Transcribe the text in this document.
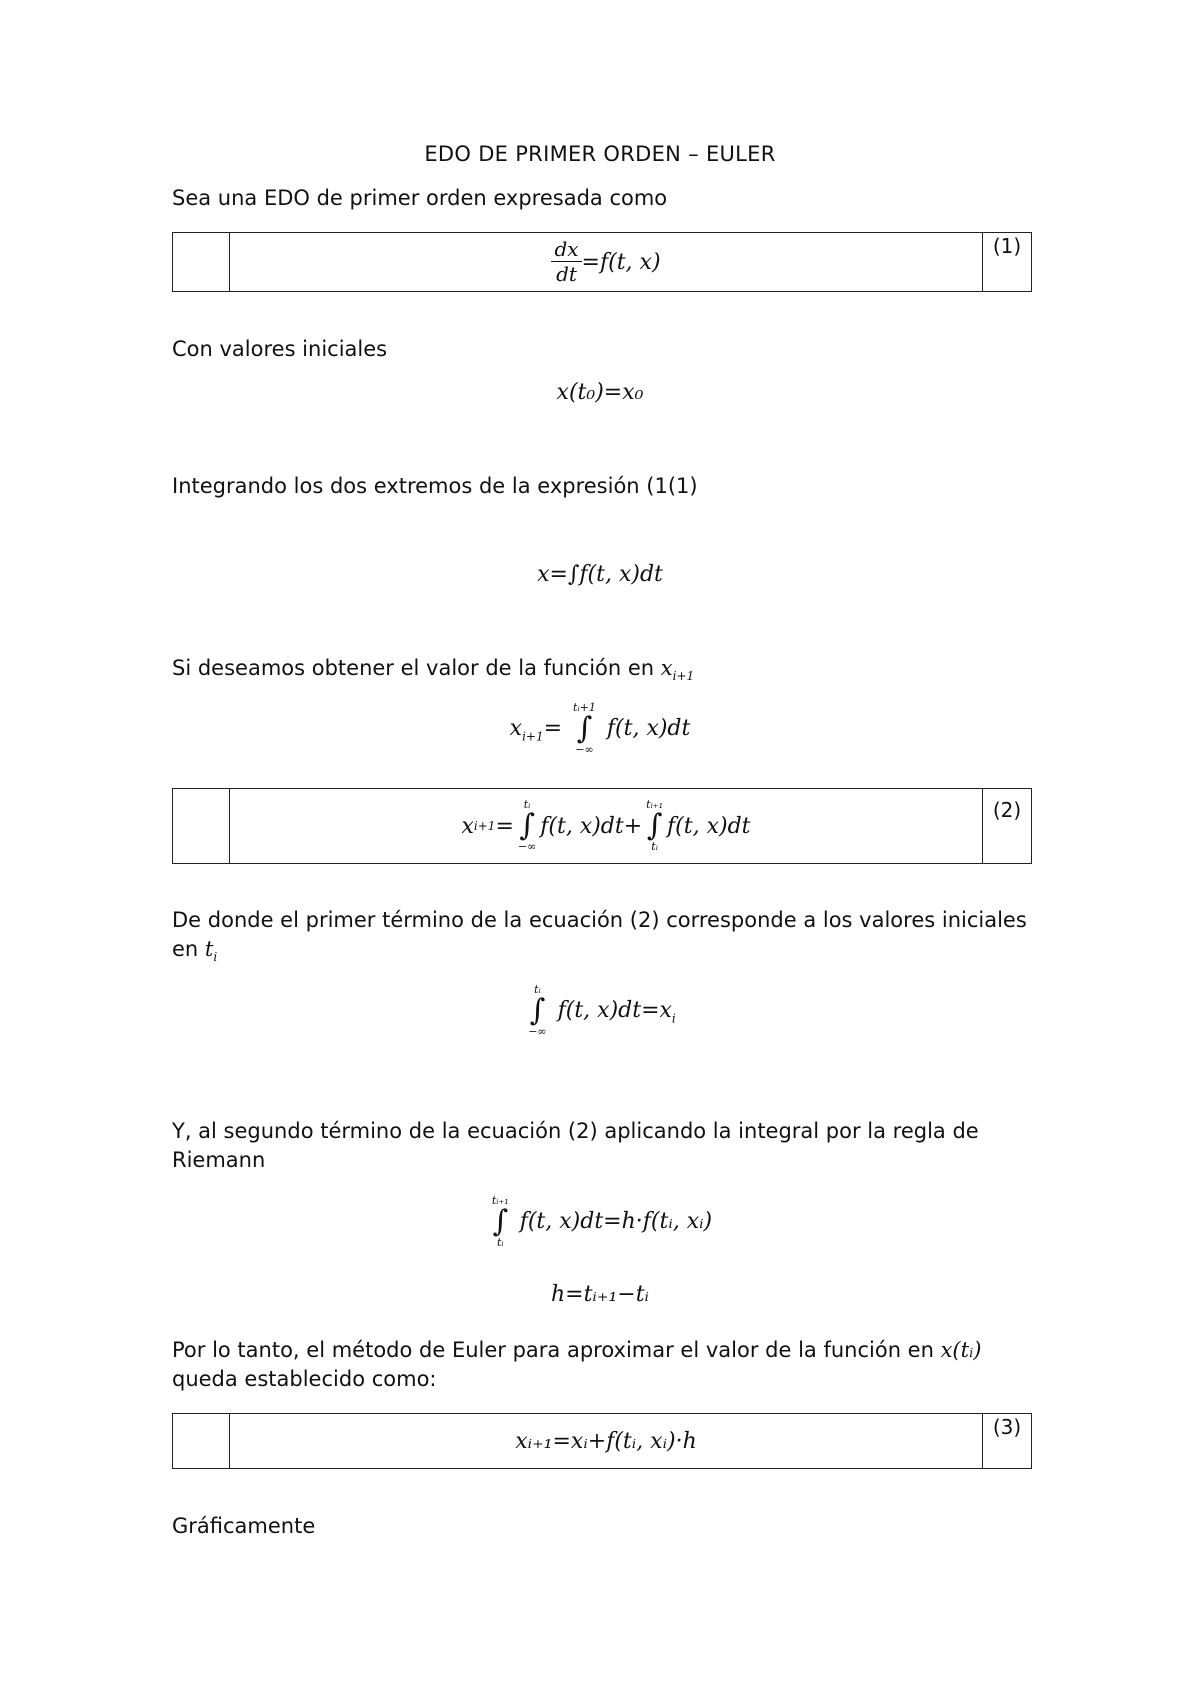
EDO DE PRIMER ORDEN – EULER
Sea una EDO de primer orden expresada como
$\frac{dx}{dt} =f(t$, x)
(1)
Con valores iniciales
x(t₀)=x₀
Integrando los dos extremos de la expresión (1(1)
x=∫f(t, x)dt
Si deseamos obtener el valor de la función en $x_{i+1}$
$x_{i+1}=$
tᵢ+1
∫
−∞
f(t, x)dt
x i+1 =
tᵢ
∫
−∞
f(t, x)dt+
tᵢ₊₁
∫
tᵢ
f(t, x)dt
(2)
De donde el primer término de la ecuación (2) corresponde a los valores iniciales en $t_i$
tᵢ
∫
−∞
f(t, $x)dt=x_i$
Y, al segundo término de la ecuación (2) aplicando la integral por la regla de Riemann
tᵢ₊₁
∫
tᵢ
f(t, x)dt=h·f(tᵢ, xᵢ)
h=tᵢ₊₁−tᵢ
Por lo tanto, el método de Euler para aproximar el valor de la función en x(tᵢ)
queda establecido como:
xᵢ₊₁=xᵢ+f(tᵢ, xᵢ)·h
(3)
Gráficamente
